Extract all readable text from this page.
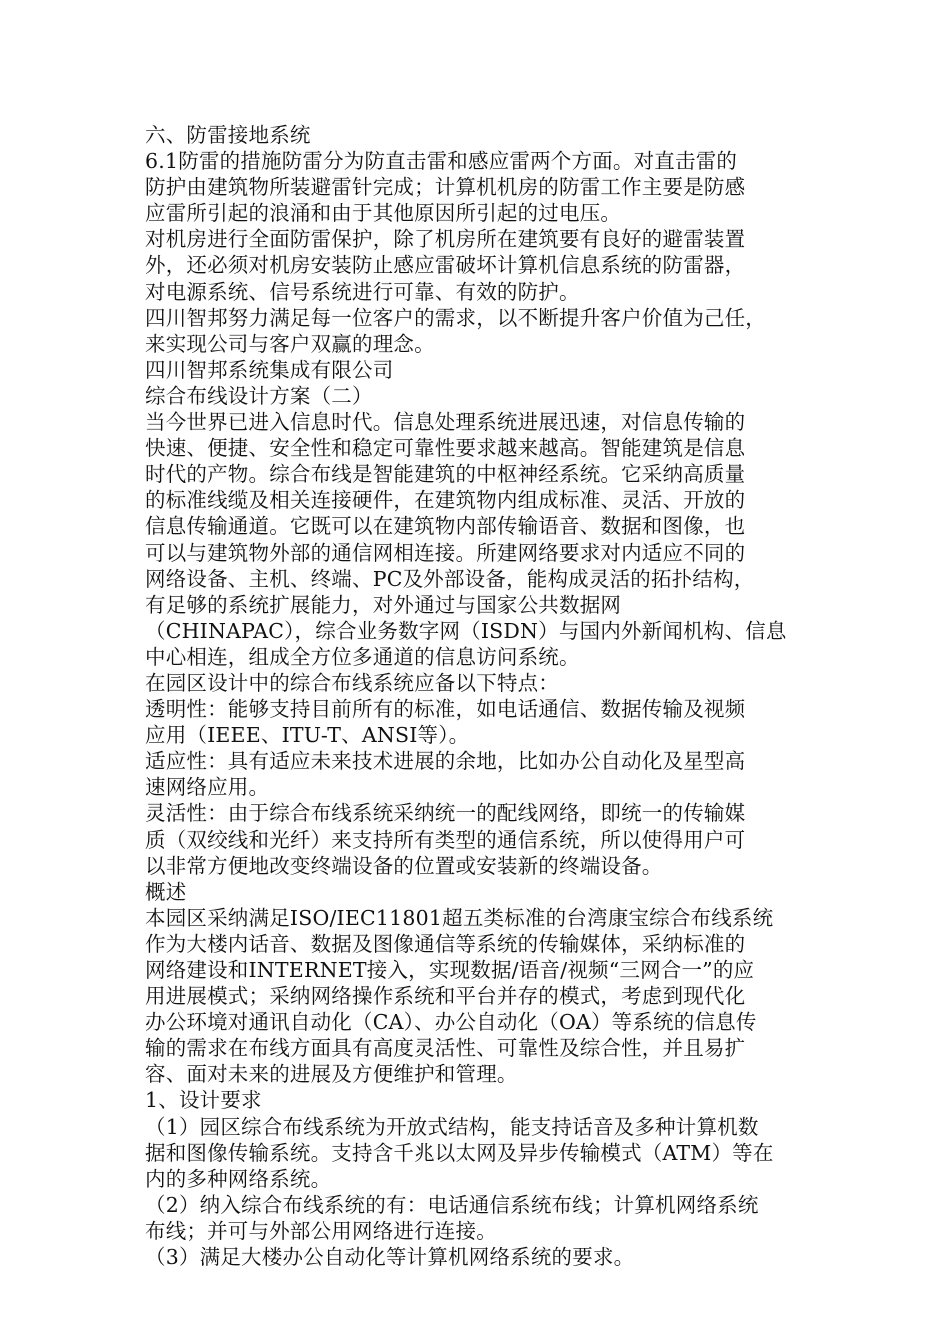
六、防雷接地系统
6.1防雷的措施防雷分为防直击雷和感应雷两个方面。对直击雷的
防护由建筑物所装避雷针完成；计算机机房的防雷工作主要是防感
应雷所引起的浪涌和由于其他原因所引起的过电压。
对机房进行全面防雷保护，除了机房所在建筑要有良好的避雷装置
外，还必须对机房安装防止感应雷破坏计算机信息系统的防雷器，
对电源系统、信号系统进行可靠、有效的防护。
四川智邦努力满足每一位客户的需求，以不断提升客户价值为己任，
来实现公司与客户双赢的理念。
四川智邦系统集成有限公司
综合布线设计方案（二）
当今世界已进入信息时代。信息处理系统进展迅速，对信息传输的
快速、便捷、安全性和稳定可靠性要求越来越高。智能建筑是信息
时代的产物。综合布线是智能建筑的中枢神经系统。它采纳高质量
的标准线缆及相关连接硬件，在建筑物内组成标准、灵活、开放的
信息传输通道。它既可以在建筑物内部传输语音、数据和图像，也
可以与建筑物外部的通信网相连接。所建网络要求对内适应不同的
网络设备、主机、终端、PC及外部设备，能构成灵活的拓扑结构，
有足够的系统扩展能力，对外通过与国家公共数据网
（CHINAPAC），综合业务数字网（ISDN）与国内外新闻机构、信息
中心相连，组成全方位多通道的信息访问系统。
在园区设计中的综合布线系统应备以下特点：
透明性：能够支持目前所有的标准，如电话通信、数据传输及视频
应用（IEEE、ITU-T、ANSI等）。
适应性：具有适应未来技术进展的余地，比如办公自动化及星型高
速网络应用。
灵活性：由于综合布线系统采纳统一的配线网络，即统一的传输媒
质（双绞线和光纤）来支持所有类型的通信系统，所以使得用户可
以非常方便地改变终端设备的位置或安装新的终端设备。
概述
本园区采纳满足ISO/IEC11801超五类标准的台湾康宝综合布线系统
作为大楼内话音、数据及图像通信等系统的传输媒体，采纳标准的
网络建设和INTERNET接入，实现数据/语音/视频“三网合一”的应
用进展模式；采纳网络操作系统和平台并存的模式，考虑到现代化
办公环境对通讯自动化（CA）、办公自动化（OA）等系统的信息传
输的需求在布线方面具有高度灵活性、可靠性及综合性，并且易扩
容、面对未来的进展及方便维护和管理。
1、设计要求
（1）园区综合布线系统为开放式结构，能支持话音及多种计算机数
据和图像传输系统。支持含千兆以太网及异步传输模式（ATM）等在
内的多种网络系统。
（2）纳入综合布线系统的有：电话通信系统布线；计算机网络系统
布线；并可与外部公用网络进行连接。
（3）满足大楼办公自动化等计算机网络系统的要求。
